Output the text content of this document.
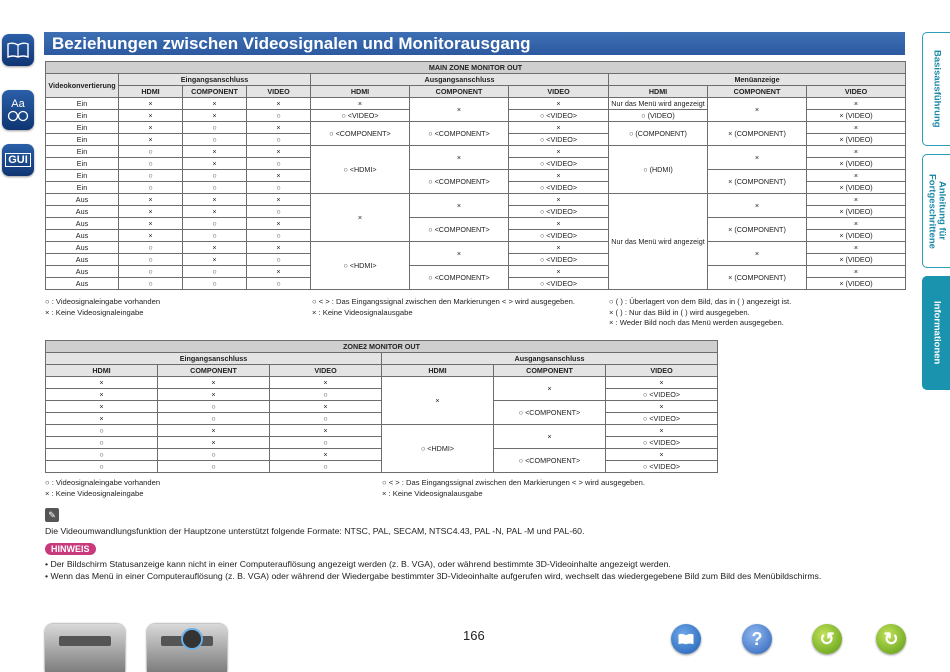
Aa
GUI
Beziehungen zwischen Videosignalen und Monitorausgang
Basisausführung
Anleitung für Fortgeschrittene
Informationen
MAIN ZONE MONITOR OUT									
Videokonvertierung	Eingangsanschluss			Ausgangsanschluss			Menüanzeige		
	HDMI	COMPONENT	VIDEO	HDMI	COMPONENT	VIDEO	HDMI	COMPONENT	VIDEO
Ein	×	×	×	×	×	×	Nur das Menü wird angezeigt	×	×
Ein	×	×	○	○ <VIDEO>		○ <VIDEO>	○ (VIDEO)		× (VIDEO)
Ein	×	○	×	○ <COMPONENT>	○ <COMPONENT>	×	○ (COMPONENT)	× (COMPONENT)	×
Ein	×	○	○			○ <VIDEO>			× (VIDEO)
Ein	○	×	×	○ <HDMI>	×	×	○ (HDMI)	×	×
Ein	○	×	○			○ <VIDEO>			× (VIDEO)
Ein	○	○	×		○ <COMPONENT>	×		× (COMPONENT)	×
Ein	○	○	○			○ <VIDEO>			× (VIDEO)
Aus	×	×	×	×	×	×	Nur das Menü wird angezeigt	×	×
Aus	×	×	○			○ <VIDEO>			× (VIDEO)
Aus	×	○	×		○ <COMPONENT>	×		× (COMPONENT)	×
Aus	×	○	○			○ <VIDEO>			× (VIDEO)
Aus	○	×	×	○ <HDMI>	×	×		×	×
Aus	○	×	○			○ <VIDEO>			× (VIDEO)
Aus	○	○	×		○ <COMPONENT>	×		× (COMPONENT)	×
Aus	○	○	○			○ <VIDEO>			× (VIDEO)
○ : Videosignaleingabe vorhanden
× : Keine Videosignaleingabe
○ < > : Das Eingangssignal zwischen den Markierungen < > wird ausgegeben.
× : Keine Videosignalausgabe
○ ( ) : Überlagert von dem Bild, das in ( ) angezeigt ist.
× ( ) : Nur das Bild in ( ) wird ausgegeben.
× : Weder Bild noch das Menü werden ausgegeben.
ZONE2 MONITOR OUT					
Eingangsanschluss			Ausgangsanschluss		
HDMI	COMPONENT	VIDEO	HDMI	COMPONENT	VIDEO
×	×	×	×	×	×
×	×	○			○ <VIDEO>
×	○	×		○ <COMPONENT>	×
×	○	○			○ <VIDEO>
○	×	×	○ <HDMI>	×	×
○	×	○			○ <VIDEO>
○	○	×		○ <COMPONENT>	×
○	○	○			○ <VIDEO>
○ : Videosignaleingabe vorhanden
× : Keine Videosignaleingabe
○ < > : Das Eingangssignal zwischen den Markierungen < > wird ausgegeben.
× : Keine Videosignalausgabe
✎
Die Videoumwandlungsfunktion der Hauptzone unterstützt folgende Formate: NTSC, PAL, SECAM, NTSC4.43, PAL -N, PAL -M und PAL-60.
HINWEIS
• Der Bildschirm Statusanzeige kann nicht in einer Computerauflösung angezeigt werden (z. B. VGA), oder während bestimmte 3D-Videoinhalte angezeigt werden.
• Wenn das Menü in einer Computerauflösung (z. B. VGA) oder während der Wiedergabe bestimmter 3D-Videoinhalte aufgerufen wird, wechselt das wiedergegebene Bild zum Bild des Menübildschirms.
166	?	↺	↻
